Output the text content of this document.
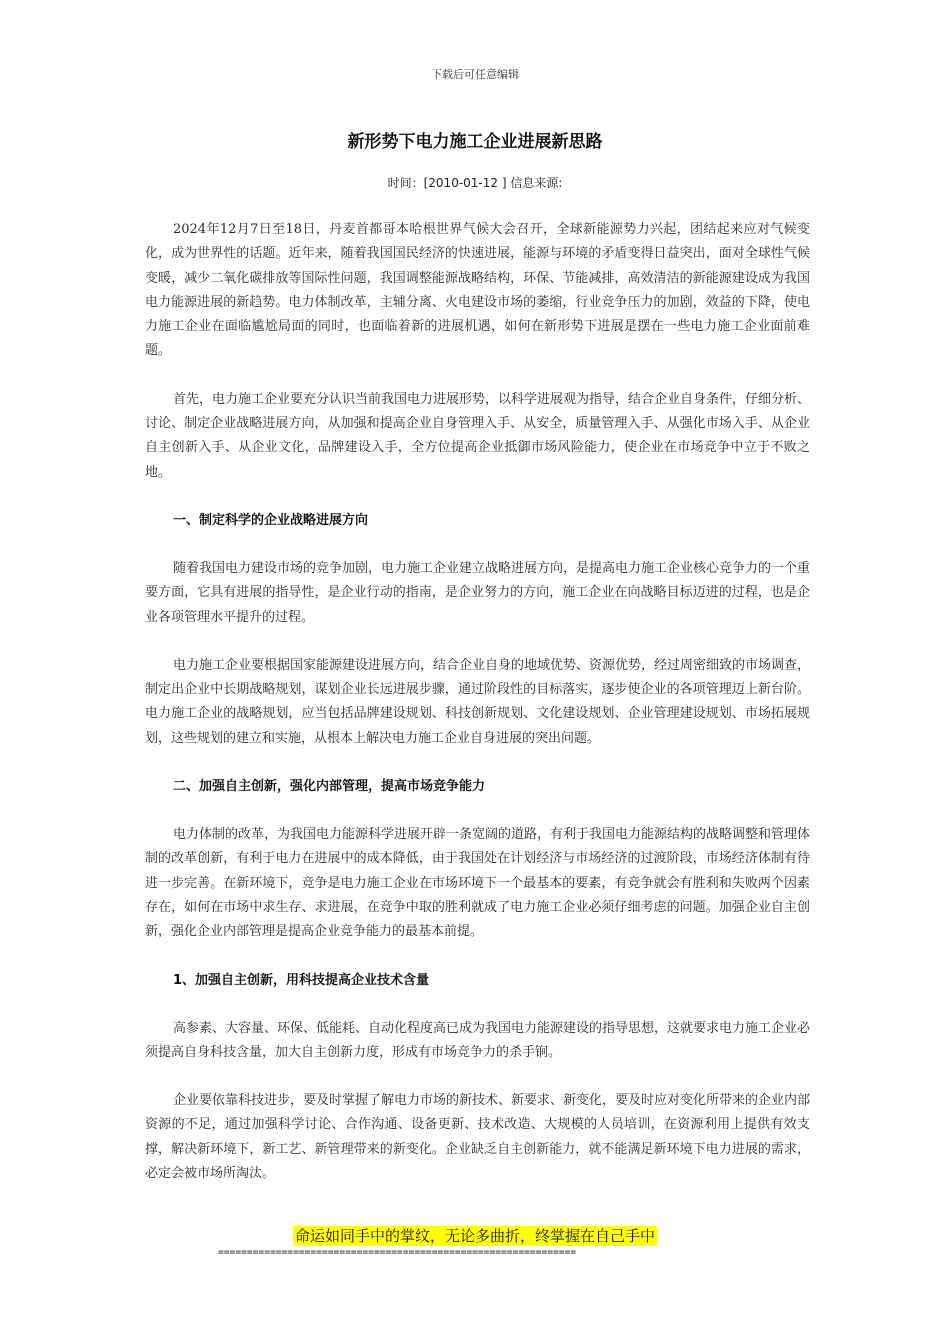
下载后可任意编辑
新形势下电力施工企业进展新思路
时间：[2010-01-12 ] 信息来源:

2024年12月7日至18日，丹麦首都哥本哈根世界气候大会召开，全球新能源势力兴起，团结起来应对气候变化，成为世界性的话题。近年来，随着我国国民经济的快速进展，能源与环境的矛盾变得日益突出，面对全球性气候变暖，减少二氧化碳排放等国际性问题，我国调整能源战略结构，环保、节能减排，高效清洁的新能源建设成为我国电力能源进展的新趋势。电力体制改革，主辅分离、火电建设市场的萎缩，行业竞争压力的加剧，效益的下降，使电力施工企业在面临尴尬局面的同时，也面临着新的进展机遇，如何在新形势下进展是摆在一些电力施工企业面前难题。

首先，电力施工企业要充分认识当前我国电力进展形势，以科学进展观为指导，结合企业自身条件，仔细分析、讨论、制定企业战略进展方向，从加强和提高企业自身管理入手、从安全，质量管理入手、从强化市场入手、从企业自主创新入手、从企业文化，品牌建设入手，全方位提高企业抵御市场风险能力，使企业在市场竞争中立于不败之地。

一、制定科学的企业战略进展方向

随着我国电力建设市场的竞争加剧，电力施工企业建立战略进展方向，是提高电力施工企业核心竞争力的一个重要方面，它具有进展的指导性，是企业行动的指南，是企业努力的方向，施工企业在向战略目标迈进的过程，也是企业各项管理水平提升的过程。

电力施工企业要根据国家能源建设进展方向，结合企业自身的地域优势、资源优势，经过周密细致的市场调查，制定出企业中长期战略规划，谋划企业长远进展步骤，通过阶段性的目标落实，逐步使企业的各项管理迈上新台阶。电力施工企业的战略规划，应当包括品牌建设规划、科技创新规划、文化建设规划、企业管理建设规划、市场拓展规划，这些规划的建立和实施，从根本上解决电力施工企业自身进展的突出问题。

二、加强自主创新，强化内部管理，提高市场竞争能力

电力体制的改革，为我国电力能源科学进展开辟一条宽阔的道路，有利于我国电力能源结构的战略调整和管理体制的改革创新，有利于电力在进展中的成本降低，由于我国处在计划经济与市场经济的过渡阶段，市场经济体制有待进一步完善。在新环境下，竞争是电力施工企业在市场环境下一个最基本的要素，有竞争就会有胜利和失败两个因素存在，如何在市场中求生存、求进展，在竞争中取的胜利就成了电力施工企业必须仔细考虑的问题。加强企业自主创新，强化企业内部管理是提高企业竞争能力的最基本前提。

1、加强自主创新，用科技提高企业技术含量

高参素、大容量、环保、低能耗、自动化程度高已成为我国电力能源建设的指导思想，这就要求电力施工企业必须提高自身科技含量，加大自主创新力度，形成有市场竞争力的杀手锏。

企业要依靠科技进步，要及时掌握了解电力市场的新技术、新要求、新变化，要及时应对变化所带来的企业内部资源的不足，通过加强科学讨论、合作沟通、设备更新、技术改造、大规模的人员培训，在资源利用上提供有效支撑，解决新环境下，新工艺、新管理带来的新变化。企业缺乏自主创新能力，就不能满足新环境下电力进展的需求，必定会被市场所淘汰。

命运如同手中的掌纹，无论多曲折，终掌握在自己手中
==============================================================
